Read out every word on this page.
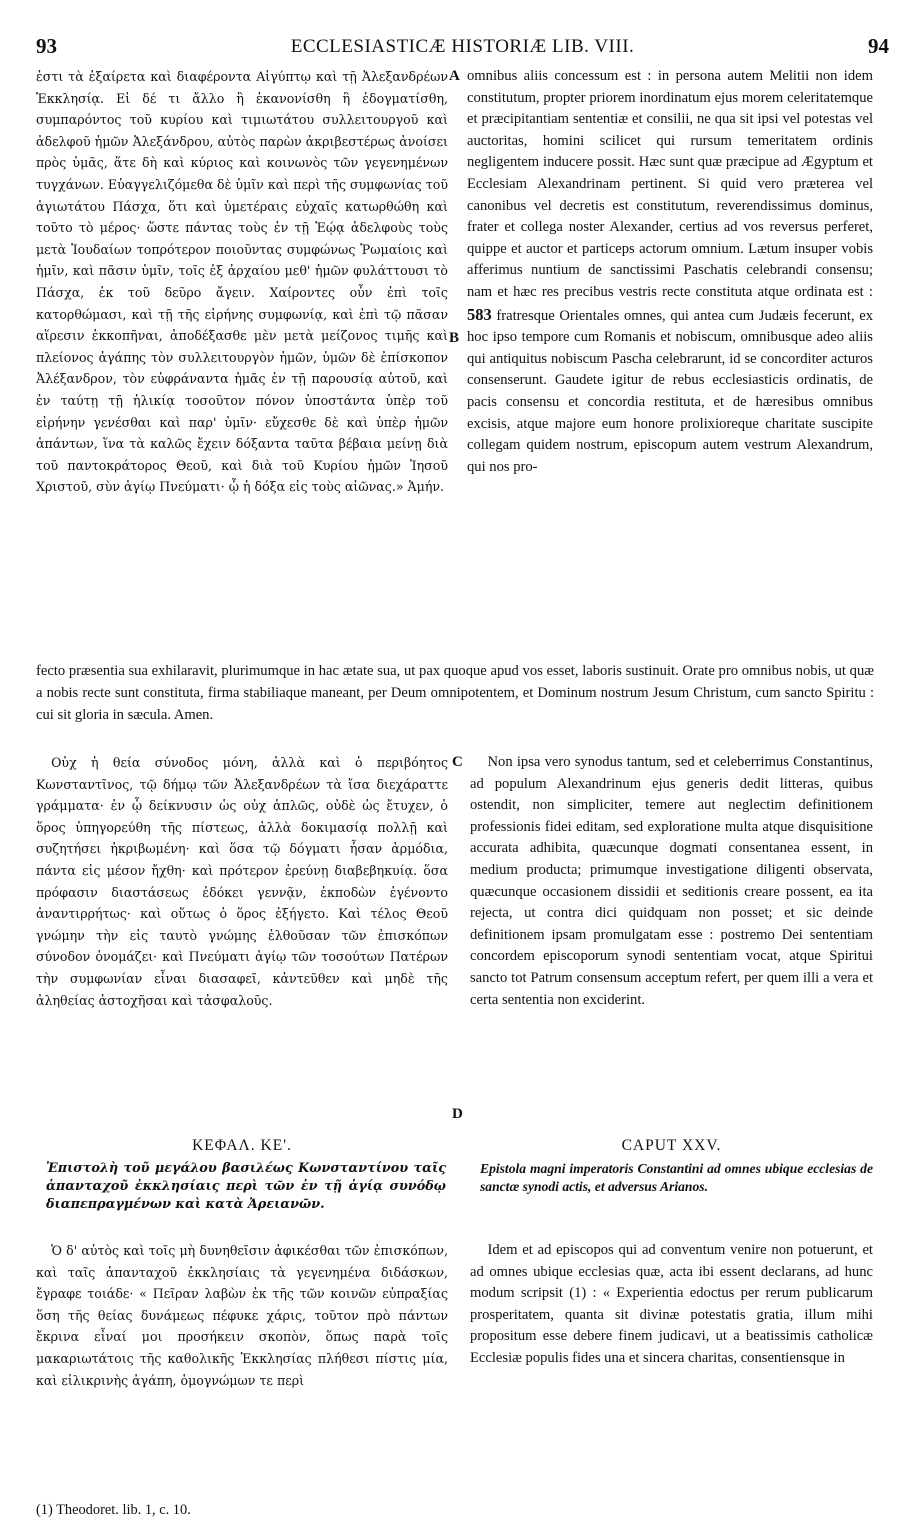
93	ECCLESIASTICÆ HISTORIÆ LIB. VIII.	94

ἐστι τὰ ἐξαίρετα καὶ διαφέροντα Αἰγύπτῳ καὶ τῇ Ἀλεξανδρέων Ἐκκλησίᾳ. Εἰ δέ τι ἄλλο ἢ ἐκανονίσθη ἢ ἐδογματίσθη, συμπαρόντος τοῦ κυρίου καὶ τιμιωτάτου συλλειτουργοῦ καὶ ἀδελφοῦ ἡμῶν Ἀλεξάνδρου, αὐτὸς παρὼν ἀκριβεστέρως ἀνοίσει πρὸς ὑμᾶς, ἅτε δὴ καὶ κύριος καὶ κοινωνὸς τῶν γεγενημένων τυγχάνων. Εὐαγγελιζόμεθα δὲ ὑμῖν καὶ περὶ τῆς συμφωνίας τοῦ ἁγιωτάτου Πάσχα, ὅτι καὶ ὑμετέραις εὐχαῖς κατωρθώθη καὶ τοῦτο τὸ μέρος· ὥστε πάντας τοὺς ἐν τῇ Ἑῴᾳ ἀδελφοὺς τοὺς μετὰ Ἰουδαίων τοπρότερον ποιοῦντας συμφώνως Ῥωμαίοις καὶ ἡμῖν, καὶ πᾶσιν ὑμῖν, τοῖς ἐξ ἀρχαίου μεθ' ἡμῶν φυλάττουσι τὸ Πάσχα, ἐκ τοῦ δεῦρο ἄγειν. Χαίροντες οὖν ἐπὶ τοῖς κατορθώμασι, καὶ τῇ τῆς εἰρήνης συμφωνίᾳ, καὶ ἐπὶ τῷ πᾶσαν αἵρεσιν ἐκκοπῆναι, ἀποδέξασθε μὲν μετὰ μείζονος τιμῆς καὶ πλείονος ἀγάπης τὸν συλλειτουργὸν ἡμῶν, ὑμῶν δὲ ἐπίσκοπον Ἀλέξανδρον, τὸν εὐφράναντα ἡμᾶς ἐν τῇ παρουσίᾳ αὐτοῦ, καὶ ἐν ταύτῃ τῇ ἡλικίᾳ τοσοῦτον πόνον ὑποστάντα ὑπὲρ τοῦ εἰρήνην γενέσθαι καὶ παρ' ὑμῖν· εὔχεσθε δὲ καὶ ὑπὲρ ἡμῶν ἁπάντων, ἵνα τὰ καλῶς ἔχειν δόξαντα ταῦτα βέβαια μείνῃ διὰ τοῦ παντοκράτορος Θεοῦ, καὶ διὰ τοῦ Κυρίου ἡμῶν Ἰησοῦ Χριστοῦ, σὺν ἁγίῳ Πνεύματι· ᾧ ἡ δόξα εἰς τοὺς αἰῶνας.» Ἀμήν.

A
B

omnibus aliis concessum est : in persona autem Melitii non idem constitutum, propter priorem inordinatum ejus morem celeritatemque et præcipitantiam sententiæ et consilii, ne qua sit ipsi vel potestas vel auctoritas, homini scilicet qui rursum temeritatem ordinis negligentem inducere possit. Hæc sunt quæ præcipue ad Ægyptum et Ecclesiam Alexandrinam pertinent. Si quid vero præterea vel canonibus vel decretis est constitutum, reverendissimus dominus, frater et collega noster Alexander, certius ad vos reversus perferet, quippe et auctor et particeps actorum omnium. Lætum insuper vobis afferimus nuntium de sanctissimi Paschatis celebrandi consensu; nam et hæc res precibus vestris recte constituta atque ordinata est : 583 fratresque Orientales omnes, qui antea cum Judæis fecerunt, ex hoc ipso tempore cum Romanis et nobiscum, omnibusque adeo aliis qui antiquitus nobiscum Pascha celebrarunt, id se concorditer acturos consenserunt. Gaudete igitur de rebus ecclesiasticis ordinatis, de pacis consensu et concordia restituta, et de hæresibus omnibus excisis, atque majore eum honore prolixioreque charitate suscipite collegam quidem nostrum, episcopum autem vestrum Alexandrum, qui nos pro-

fecto præsentia sua exhilaravit, plurimumque in hac ætate sua, ut pax quoque apud vos esset, laboris sustinuit. Orate pro omnibus nobis, ut quæ a nobis recte sunt constituta, firma stabiliaque maneant, per Deum omnipotentem, et Dominum nostrum Jesum Christum, cum sancto Spiritu : cui sit gloria in sæcula. Amen.

Οὐχ ἡ θεία σύνοδος μόνη, ἀλλὰ καὶ ὁ περιβόητος Κωνσταντῖνος, τῷ δήμῳ τῶν Ἀλεξανδρέων τὰ ἴσα διεχάραττε γράμματα· ἐν ᾧ δείκνυσιν ὡς οὐχ ἁπλῶς, οὐδὲ ὡς ἔτυχεν, ὁ ὅρος ὑπηγορεύθη τῆς πίστεως, ἀλλὰ δοκιμασίᾳ πολλῇ καὶ συζητήσει ἠκριβωμένη· καὶ ὅσα τῷ δόγματι ἦσαν ἁρμόδια, πάντα εἰς μέσον ἤχθη· καὶ πρότερον ἐρεύνῃ διαβεβηκυίᾳ. ὅσα πρόφασιν διαστάσεως ἐδόκει γεννᾷν, ἐκποδὼν ἐγένοντο ἀναντιρρήτως· καὶ οὕτως ὁ ὅρος ἐξήγετο. Καὶ τέλος Θεοῦ γνώμην τὴν εἰς ταυτὸ γνώμης ἐλθοῦσαν τῶν ἐπισκόπων σύνοδον ὀνομάζει· καὶ Πνεύματι ἁγίῳ τῶν τοσούτων Πατέρων τὴν συμφωνίαν εἶναι διασαφεῖ, κἀντεῦθεν καὶ μηδὲ τῆς ἀληθείας ἀστοχῆσαι καὶ τἀσφαλοῦς.

C
D

Non ipsa vero synodus tantum, sed et celeberrimus Constantinus, ad populum Alexandrinum ejus generis dedit litteras, quibus ostendit, non simpliciter, temere aut neglectim definitionem professionis fidei editam, sed exploratione multa atque disquisitione accurata adhibita, quæcunque dogmati consentanea essent, in medium producta; primumque investigatione diligenti observata, quæcunque occasionem dissidii et seditionis creare possent, ea ita rejecta, ut contra dici quidquam non posset; et sic deinde definitionem ipsam promulgatam esse : postremo Dei sententiam concordem episcoporum synodi sententiam vocat, atque Spiritui sancto tot Patrum consensum acceptum refert, per quem illi a vera et certa sententia non exciderint.

ΚΕΦΑΛ. ΚΕ'.	CAPUT XXV.
Ἐπιστολὴ τοῦ μεγάλου βασιλέως Κωνσταντίνου ταῖς ἁπανταχοῦ ἐκκλησίαις περὶ τῶν ἐν τῇ ἁγίᾳ συνόδῳ διαπεπραγμένων καὶ κατὰ Ἀρειανῶν.
Epistola magni imperatoris Constantini ad omnes ubique ecclesias de sanctæ synodi actis, et adversus Arianos.

Ὁ δ' αὐτὸς καὶ τοῖς μὴ δυνηθεῖσιν ἀφικέσθαι τῶν ἐπισκόπων, καὶ ταῖς ἁπανταχοῦ ἐκκλησίαις τὰ γεγενημένα διδάσκων, ἔγραφε τοιάδε· « Πεῖραν λαβὼν ἐκ τῆς τῶν κοινῶν εὐπραξίας ὅση τῆς θείας δυνάμεως πέφυκε χάρις, τοῦτον πρὸ πάντων ἔκρινα εἶναί μοι προσήκειν σκοπὸν, ὅπως παρὰ τοῖς μακαριωτάτοις τῆς καθολικῆς Ἐκκλησίας πλήθεσι πίστις μία, καὶ εἰλικρινὴς ἀγάπη, ὁμογνώμων τε περὶ

Idem et ad episcopos qui ad conventum venire non potuerunt, et ad omnes ubique ecclesias quæ, acta ibi essent declarans, ad hunc modum scripsit (1) : « Experientia edoctus per rerum publicarum prosperitatem, quanta sit divinæ potestatis gratia, illum mihi propositum esse debere finem judicavi, ut a beatissimis catholicæ Ecclesiæ populis fides una et sincera charitas, consentiensque in

(1) Theodoret. lib. 1, c. 10.
